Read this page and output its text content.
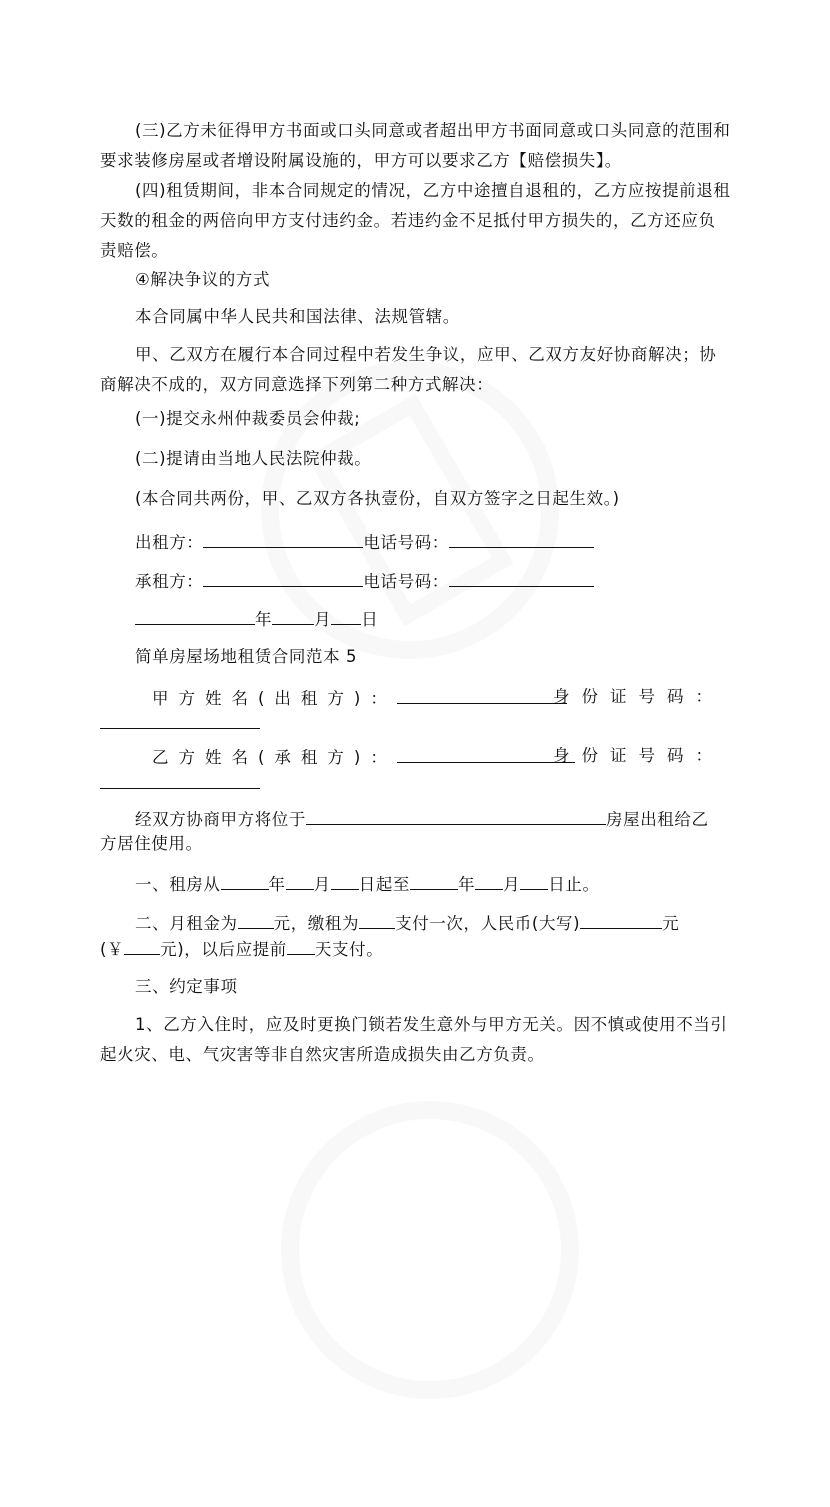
(三)乙方未征得甲方书面或口头同意或者超出甲方书面同意或口头同意的范围和要求装修房屋或者增设附属设施的，甲方可以要求乙方【赔偿损失】。

(四)租赁期间，非本合同规定的情况，乙方中途擅自退租的，乙方应按提前退租天数的租金的两倍向甲方支付违约金。若违约金不足抵付甲方损失的，乙方还应负责赔偿。

④解决争议的方式

本合同属中华人民共和国法律、法规管辖。

甲、乙双方在履行本合同过程中若发生争议，应甲、乙双方友好协商解决；协商解决不成的，双方同意选择下列第二种方式解决：

(一)提交永州仲裁委员会仲裁;

(二)提请由当地人民法院仲裁。

(本合同共两份，甲、乙双方各执壹份，自双方签字之日起生效。)

出租方：	电话号码：
承租方：	电话号码：
年	月 日
简单房屋场地租赁合同范本 5
甲方姓名(出租方)：	身份证号码：
乙方姓名(承租方)：	身份证号码：
经双方协商甲方将位于	房屋出租给乙
方居住使用。
一、租房从	年 月 日起至	年 月 日止。
二、月租金为 元，缴租为 支付一次，人民币(大写)	元
(￥ 元)，以后应提前 天支付。
三、约定事项

1、乙方入住时，应及时更换门锁若发生意外与甲方无关。因不慎或使用不当引起火灾、电、气灾害等非自然灾害所造成损失由乙方负责。
